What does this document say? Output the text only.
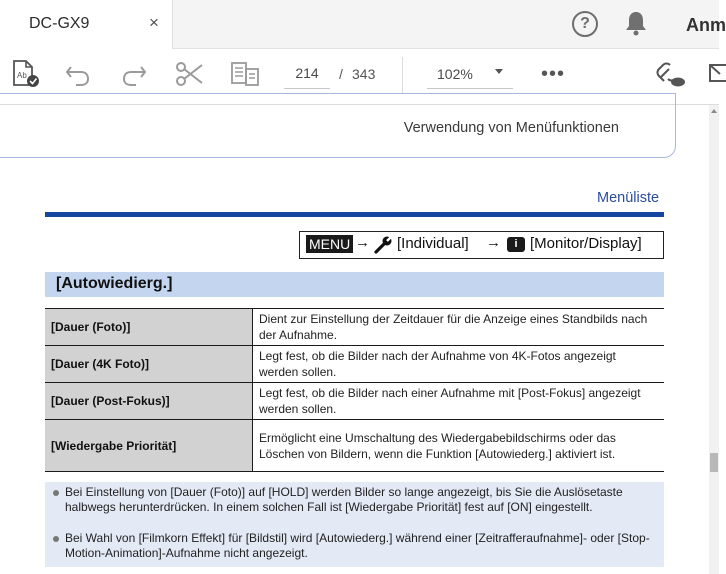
DC-GX9	×	?	Anm
Ab	214	/ 343	102%	•••
Verwendung von Menüfunktionen
Menüliste
MENU → [Individual] →	i [Monitor/Display]
[Autowiedierg.]
[Dauer (Foto)]	Dient zur Einstellung der Zeitdauer für die Anzeige eines Standbilds nach der Aufnahme.
[Dauer (4K Foto)]	Legt fest, ob die Bilder nach der Aufnahme von 4K-Fotos angezeigt werden sollen.
[Dauer (Post-Fokus)]	Legt fest, ob die Bilder nach einer Aufnahme mit [Post-Fokus] angezeigt werden sollen.
[Wiedergabe Priorität]	Ermöglicht eine Umschaltung des Wiedergabebildschirms oder das Löschen von Bildern, wenn die Funktion [Autowiederg.] aktiviert ist.
Bei Einstellung von [Dauer (Foto)] auf [HOLD] werden Bilder so lange angezeigt, bis Sie die Auslösetaste halbwegs herunterdrücken. In einem solchen Fall ist [Wiedergabe Priorität] fest auf [ON] eingestellt.
Bei Wahl von [Filmkorn Effekt] für [Bildstil] wird [Autowiederg.] während einer [Zeitrafferaufnahme]- oder [Stop-Motion-Animation]-Aufnahme nicht angezeigt.
